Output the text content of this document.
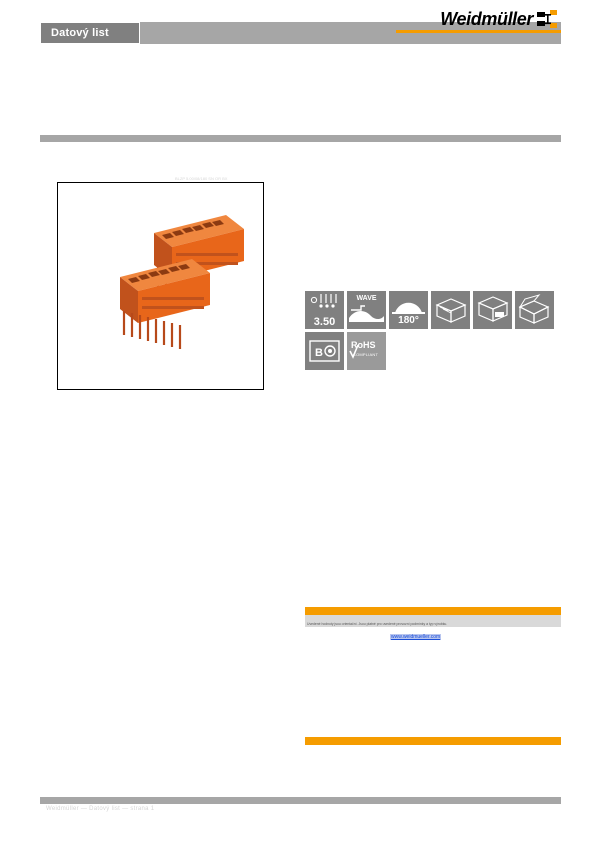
Datový list
Weidmüller
BLZP 5.00/08/180 SN OR BX
3.50
WAVE
180°
B
RoHS
COMPLIANT
Uvedené hodnoty jsou orientační. Jsou platné pro uvedené provozní podmínky a typ výrobku.
www.weidmueller.com
Weidmüller — Datový list — strana 1
